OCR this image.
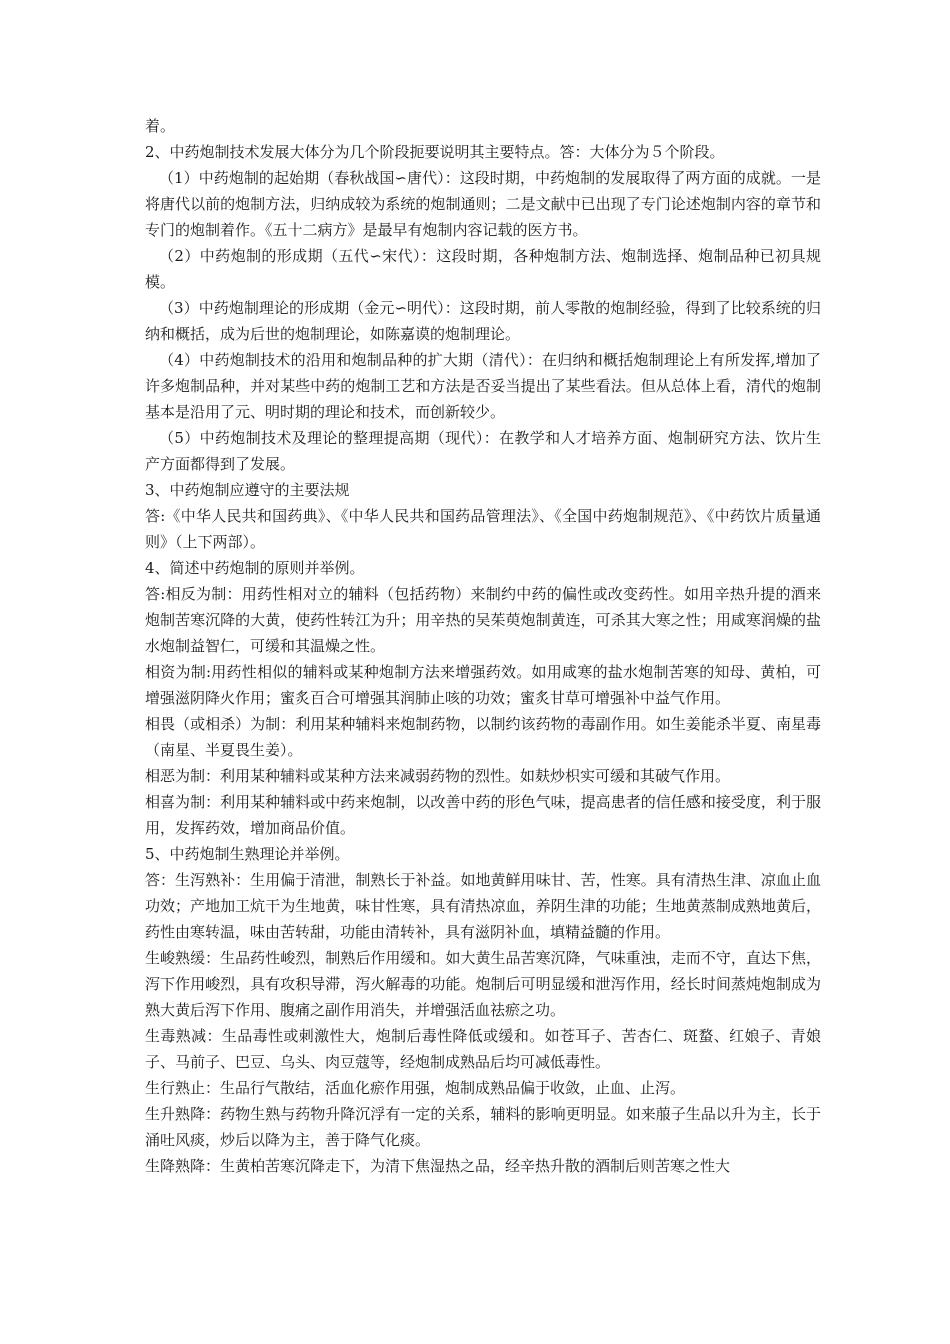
着。

2、中药炮制技术发展大体分为几个阶段扼要说明其主要特点。答：大体分为５个阶段。

（1）中药炮制的起始期（春秋战国∽唐代）：这段时期，中药炮制的发展取得了两方面的成就。一是将唐代以前的炮制方法，归纳成较为系统的炮制通则；二是文献中已出现了专门论述炮制内容的章节和专门的炮制着作。《五十二病方》是最早有炮制内容记载的医方书。

（2）中药炮制的形成期（五代∽宋代）：这段时期，各种炮制方法、炮制选择、炮制品种已初具规模。

（3）中药炮制理论的形成期（金元∽明代）：这段时期，前人零散的炮制经验，得到了比较系统的归纳和概括，成为后世的炮制理论，如陈嘉谟的炮制理论。

（4）中药炮制技术的沿用和炮制品种的扩大期（清代）：在归纳和概括炮制理论上有所发挥,增加了许多炮制品种，并对某些中药的炮制工艺和方法是否妥当提出了某些看法。但从总体上看，清代的炮制基本是沿用了元、明时期的理论和技术，而创新较少。

（5）中药炮制技术及理论的整理提高期（现代）：在教学和人才培养方面、炮制研究方法、饮片生产方面都得到了发展。

3、中药炮制应遵守的主要法规

答:《中华人民共和国药典》、《中华人民共和国药品管理法》、《全国中药炮制规范》、《中药饮片质量通则》（上下两部）。

4、简述中药炮制的原则并举例。

答:相反为制：用药性相对立的辅料（包括药物）来制约中药的偏性或改变药性。如用辛热升提的酒来炮制苦寒沉降的大黄，使药性转江为升；用辛热的吴茱萸炮制黄连，可杀其大寒之性；用咸寒润燥的盐水炮制益智仁，可缓和其温燥之性。

相资为制:用药性相似的辅料或某种炮制方法来增强药效。如用咸寒的盐水炮制苦寒的知母、黄柏，可增强滋阴降火作用；蜜炙百合可增强其润肺止咳的功效；蜜炙甘草可增强补中益气作用。

相畏（或相杀）为制：利用某种辅料来炮制药物，以制约该药物的毒副作用。如生姜能杀半夏、南星毒（南星、半夏畏生姜）。

相恶为制：利用某种辅料或某种方法来减弱药物的烈性。如麸炒枳实可缓和其破气作用。

相喜为制：利用某种辅料或中药来炮制，以改善中药的形色气味，提高患者的信任感和接受度，利于服用，发挥药效，增加商品价值。

5、中药炮制生熟理论并举例。

答：生泻熟补：生用偏于清泄，制熟长于补益。如地黄鲜用味甘、苦，性寒。具有清热生津、凉血止血功效；产地加工炕干为生地黄，味甘性寒，具有清热凉血，养阴生津的功能；生地黄蒸制成熟地黄后，药性由寒转温，味由苦转甜，功能由清转补，具有滋阴补血，填精益髓的作用。

生峻熟缓：生品药性峻烈，制熟后作用缓和。如大黄生品苦寒沉降，气味重浊，走而不守，直达下焦，泻下作用峻烈，具有攻积导滞，泻火解毒的功能。炮制后可明显缓和泄泻作用，经长时间蒸炖炮制成为熟大黄后泻下作用、腹痛之副作用消失，并增强活血祛瘀之功。

生毒熟减：生品毒性或刺激性大，炮制后毒性降低或缓和。如苍耳子、苦杏仁、斑蝥、红娘子、青娘子、马前子、巴豆、乌头、肉豆蔻等，经炮制成熟品后均可减低毒性。

生行熟止：生品行气散结，活血化瘀作用强，炮制成熟品偏于收敛，止血、止泻。

生升熟降：药物生熟与药物升降沉浮有一定的关系，辅料的影响更明显。如来菔子生品以升为主，长于涌吐风痰，炒后以降为主，善于降气化痰。

生降熟降：生黄柏苦寒沉降走下，为清下焦湿热之品，经辛热升散的酒制后则苦寒之性大
